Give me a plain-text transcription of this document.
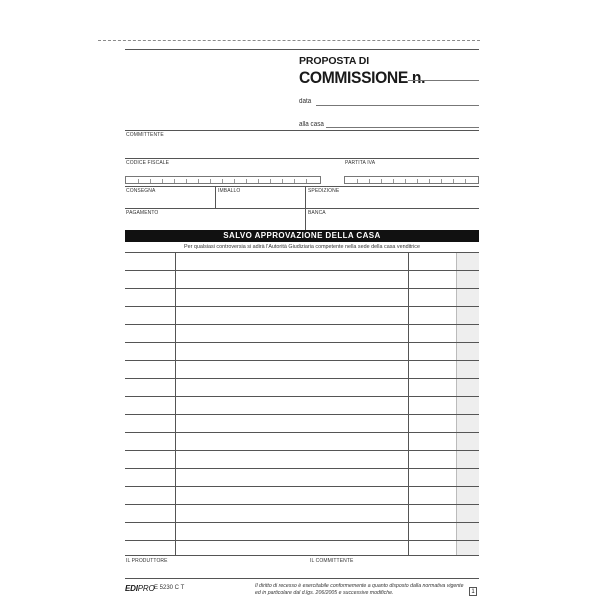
PROPOSTA DI
COMMISSIONE n.
data
alla casa
COMMITTENTE
CODICE FISCALE	PARTITA IVA
CONSEGNA	IMBALLO	SPEDIZIONE
PAGAMENTO	BANCA
SALVO APPROVAZIONE DELLA CASA
Per qualsiasi controversia si adirà l'Autorità Giudiziaria competente nella sede della casa venditrice
IL PRODUTTORE	IL COMMITTENTE
EDIPRO E 5230 C T	Il diritto di recesso è esercitabile conformemente a quanto disposto dalla normativa vigente
ed in particolare dal d.lgs. 206/2005 e successive modifiche.	1
